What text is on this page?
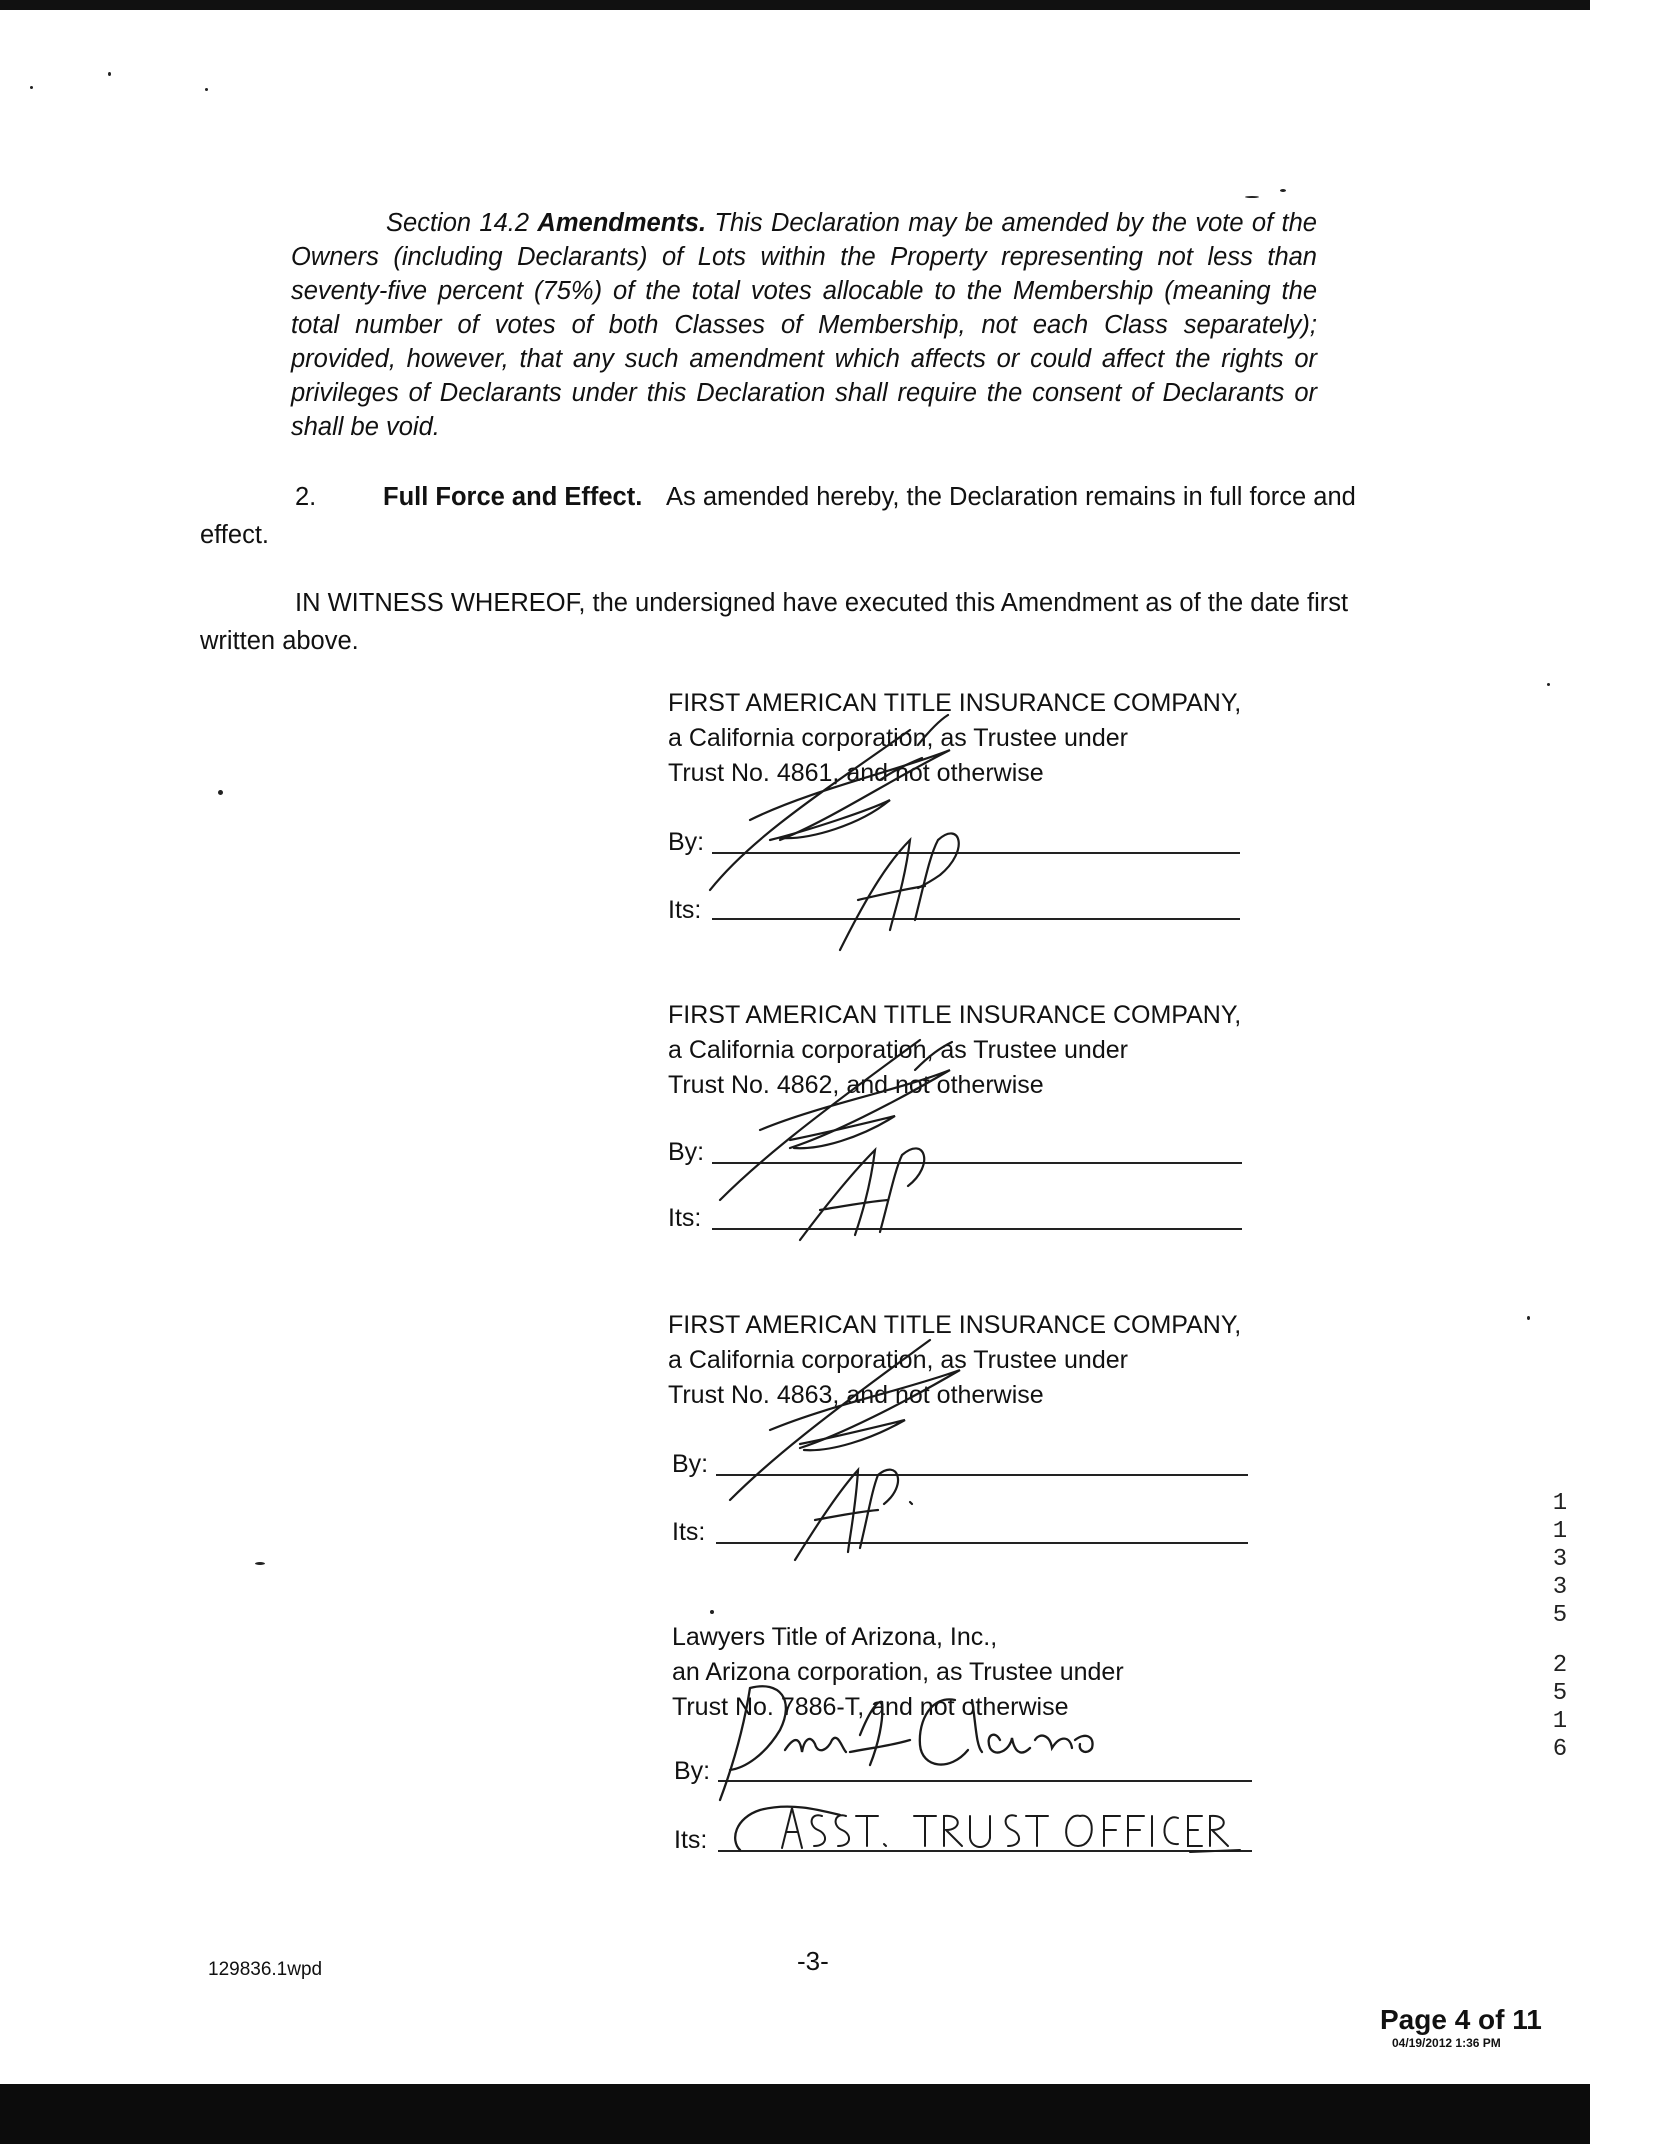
Section 14.2 Amendments. This Declaration may be amended by the vote of the Owners (including Declarants) of Lots within the Property representing not less than seventy-five percent (75%) of the total votes allocable to the Membership (meaning the total number of votes of both Classes of Membership, not each Class separately); provided, however, that any such amendment which affects or could affect the rights or privileges of Declarants under this Declaration shall require the consent of Declarants or shall be void.
2.	Full Force and Effect. As amended hereby, the Declaration remains in full force and effect.
IN WITNESS WHEREOF, the undersigned have executed this Amendment as of the date first written above.
FIRST AMERICAN TITLE INSURANCE COMPANY,
a California corporation, as Trustee under
Trust No. 4861, and not otherwise
By:
Its:
FIRST AMERICAN TITLE INSURANCE COMPANY,
a California corporation, as Trustee under
Trust No. 4862, and not otherwise
By:
Its:
FIRST AMERICAN TITLE INSURANCE COMPANY,
a California corporation, as Trustee under
Trust No. 4863, and not otherwise
By:
Its:
Lawyers Title of Arizona, Inc.,
an Arizona corporation, as Trustee under
Trust No. 7886-T, and not otherwise
By:
Its:
1
1
3
3
5
2
5
1
6
129836.1wpd	-3-
Page 4 of 11
04/19/2012 1:36 PM
